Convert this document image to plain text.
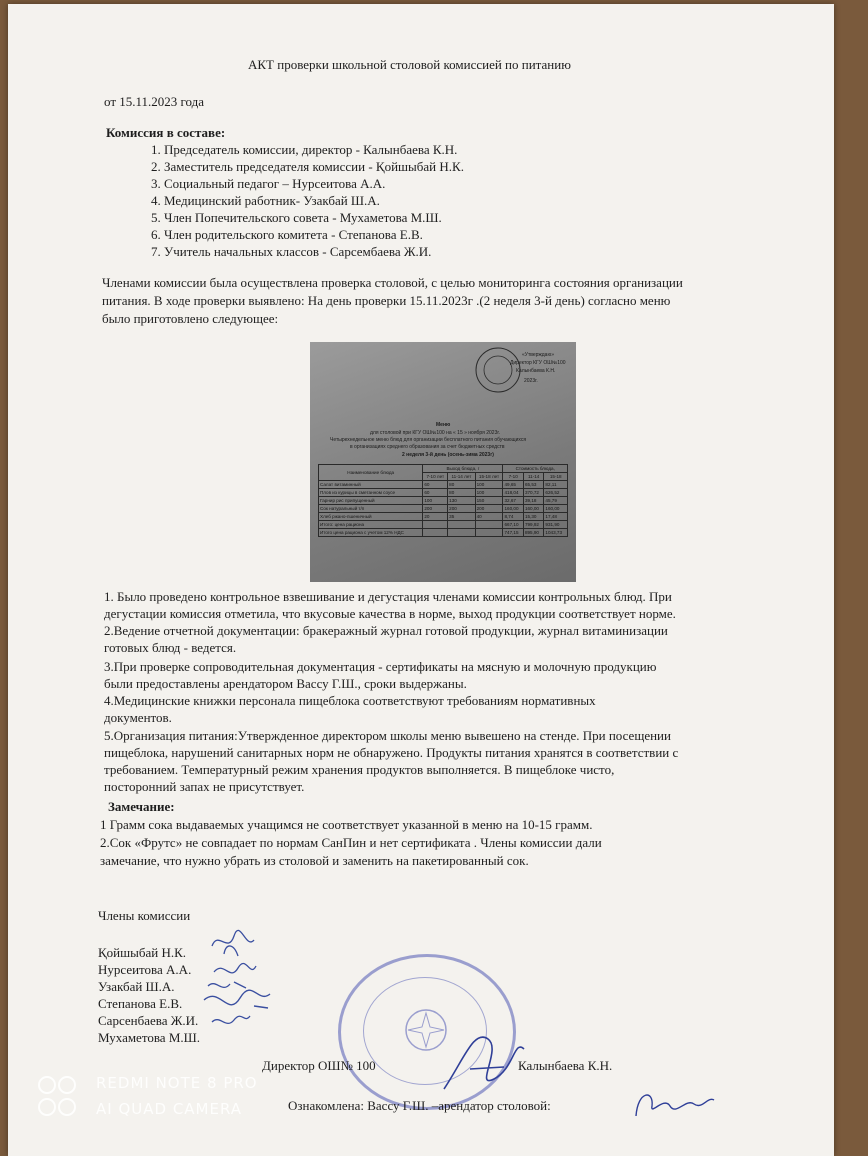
АКТ проверки школьной столовой комиссией по питанию
от 15.11.2023 года
Комиссия в составе:
1. Председатель комиссии, директор - Калынбаева К.Н.
2. Заместитель председателя комиссии - Қойшыбай Н.К.
3. Социальный педагог – Нурсеитова А.А.
4. Медицинский работник- Узакбай Ш.А.
5. Член Попечительского совета - Мухаметова М.Ш.
6. Член родительского комитета - Степанова Е.В.
7. Учитель начальных классов - Сарсембаева Ж.И.
Членами комиссии была осуществлена проверка столовой, с целью мониторинга состояния организации
питания. В ходе проверки выявлено: На день проверки 15.11.2023г .(2 неделя 3-й день) согласно меню
было приготовлено следующее:
«Утверждаю»
Директор КГУ ОШ№100
Калынбаева К.Н.
2023г.
Меню
для столовой при КГУ ОШ№100 на « 15 » ноября 2023г.
Четырехнедельное меню блюд для организации бесплатного питания обучающихся
в организациях среднего образования за счет бюджетных средств
2 неделя 3-й день (осень-зима 2023г)
Наименование блюда	Выход блюда, г			Стоимость блюда,		
	7-10 лет	11-14 лет	15-18 лет	7-10	11-14	15-18
Салат витаминный	60	80	100	49,65	65,53	82,11
Плов из курицы в сметанном соусе	60	80	100	418,04	370,72	626,52
Гарнир рис припущенный	100	130	150	32,67	39,18	45,79
Сок натуральный т/п	200	200	200	160,00	160,00	160,00
Хлеб ржано-пшеничный	20	35	40	8,74	15,30	17,48
Итого: цена рациона				667,10	799,92	931,90
Итого цена рациона с учетом 12% НДС				747,15	895,90	1043,73
1. Было проведено контрольное взвешивание и дегустация членами комиссии контрольных блюд. При
дегустации комиссия отметила, что вкусовые качества в норме, выход продукции соответствует норме.
2.Ведение отчетной документации: бракеражный журнал готовой продукции, журнал витаминизации
готовых блюд - ведется.
3.При проверке сопроводительная документация - сертификаты на мясную и молочную продукцию
были предоставлены арендатором Вассу Г.Ш., сроки выдержаны.
4.Медицинские книжки персонала пищеблока соответствуют требованиям нормативных
документов.
5.Организация питания:Утвержденное директором школы меню вывешено на стенде. При посещении
пищеблока, нарушений санитарных норм не обнаружено. Продукты питания хранятся в соответствии с
требованием. Температурный режим хранения продуктов выполняется. В пищеблоке чисто,
посторонний запах не присутствует.
Замечание:
1 Грамм сока выдаваемых учащимся не соответствует указанной в меню на 10-15 грамм.
2.Сок «Фрутс» не совпадает по нормам СанПин и нет сертификата . Члены комиссии дали
замечание, что нужно убрать из столовой и заменить на пакетированный сок.
Члены комиссии
Қойшыбай Н.К.
Нурсеитова А.А.
Узакбай Ш.А.
Степанова Е.В.
Сарсенбаева Ж.И.
Мухаметова М.Ш.
Директор ОШ№ 100	Калынбаева К.Н.
Ознакомлена: Вассу Г.Ш. –арендатор столовой:
REDMI NOTE 8 PRO
AI QUAD CAMERA
